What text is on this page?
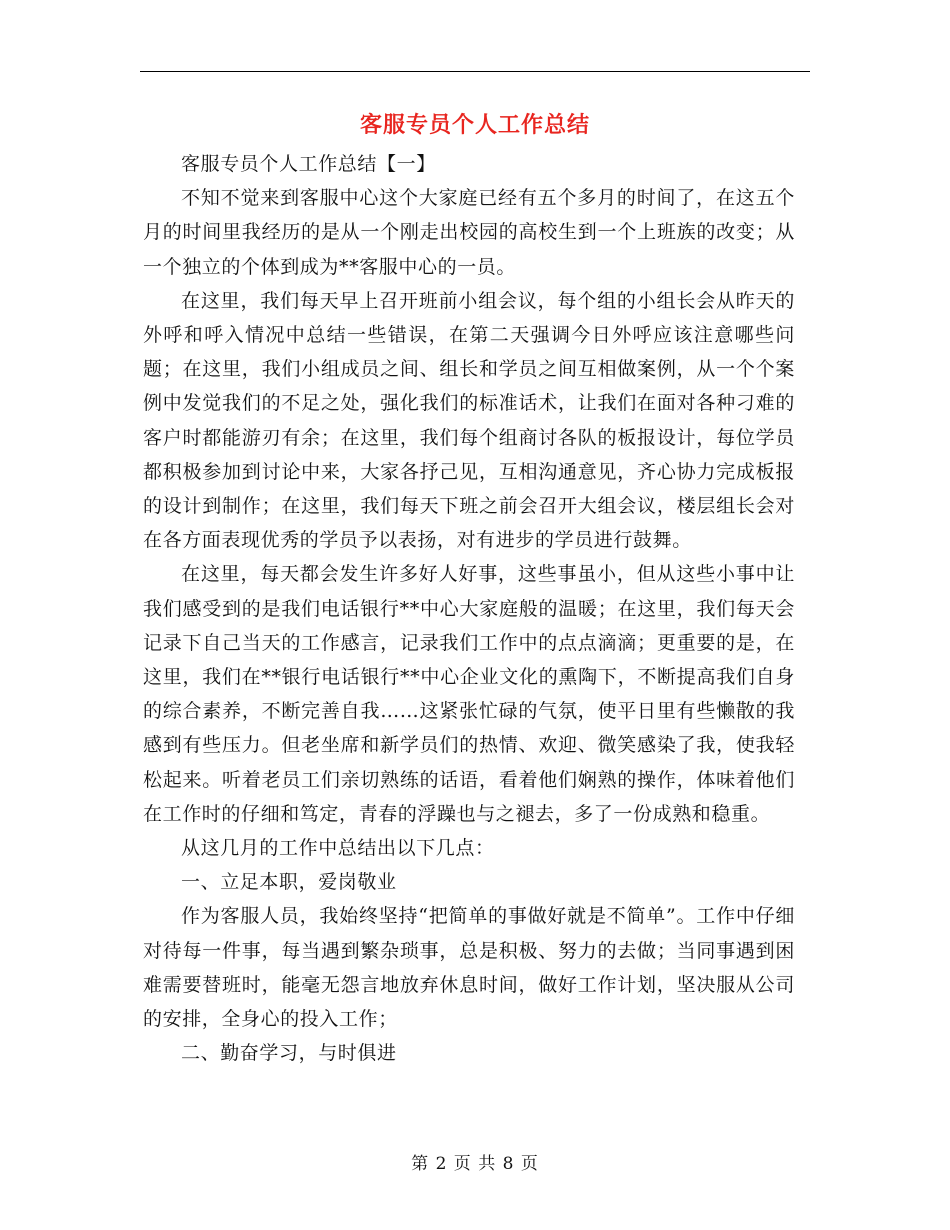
客服专员个人工作总结

客服专员个人工作总结【一】

不知不觉来到客服中心这个大家庭已经有五个多月的时间了，在这五个月的时间里我经历的是从一个刚走出校园的高校生到一个上班族的改变；从一个独立的个体到成为**客服中心的一员。

在这里，我们每天早上召开班前小组会议，每个组的小组长会从昨天的外呼和呼入情况中总结一些错误，在第二天强调今日外呼应该注意哪些问题；在这里，我们小组成员之间、组长和学员之间互相做案例，从一个个案例中发觉我们的不足之处，强化我们的标准话术，让我们在面对各种刁难的客户时都能游刃有余；在这里，我们每个组商讨各队的板报设计，每位学员都积极参加到讨论中来，大家各抒己见，互相沟通意见，齐心协力完成板报的设计到制作；在这里，我们每天下班之前会召开大组会议，楼层组长会对在各方面表现优秀的学员予以表扬，对有进步的学员进行鼓舞。

在这里，每天都会发生许多好人好事，这些事虽小，但从这些小事中让我们感受到的是我们电话银行**中心大家庭般的温暖；在这里，我们每天会记录下自己当天的工作感言，记录我们工作中的点点滴滴；更重要的是，在这里，我们在**银行电话银行**中心企业文化的熏陶下，不断提高我们自身的综合素养，不断完善自我……这紧张忙碌的气氛，使平日里有些懒散的我感到有些压力。但老坐席和新学员们的热情、欢迎、微笑感染了我，使我轻松起来。听着老员工们亲切熟练的话语，看着他们娴熟的操作，体味着他们在工作时的仔细和笃定，青春的浮躁也与之褪去，多了一份成熟和稳重。

从这几月的工作中总结出以下几点：

一、立足本职，爱岗敬业

作为客服人员，我始终坚持“把简单的事做好就是不简单”。工作中仔细对待每一件事，每当遇到繁杂琐事，总是积极、努力的去做；当同事遇到困难需要替班时，能毫无怨言地放弃休息时间，做好工作计划，坚决服从公司的安排，全身心的投入工作；

二、勤奋学习，与时俱进

第 2 页 共 8 页
